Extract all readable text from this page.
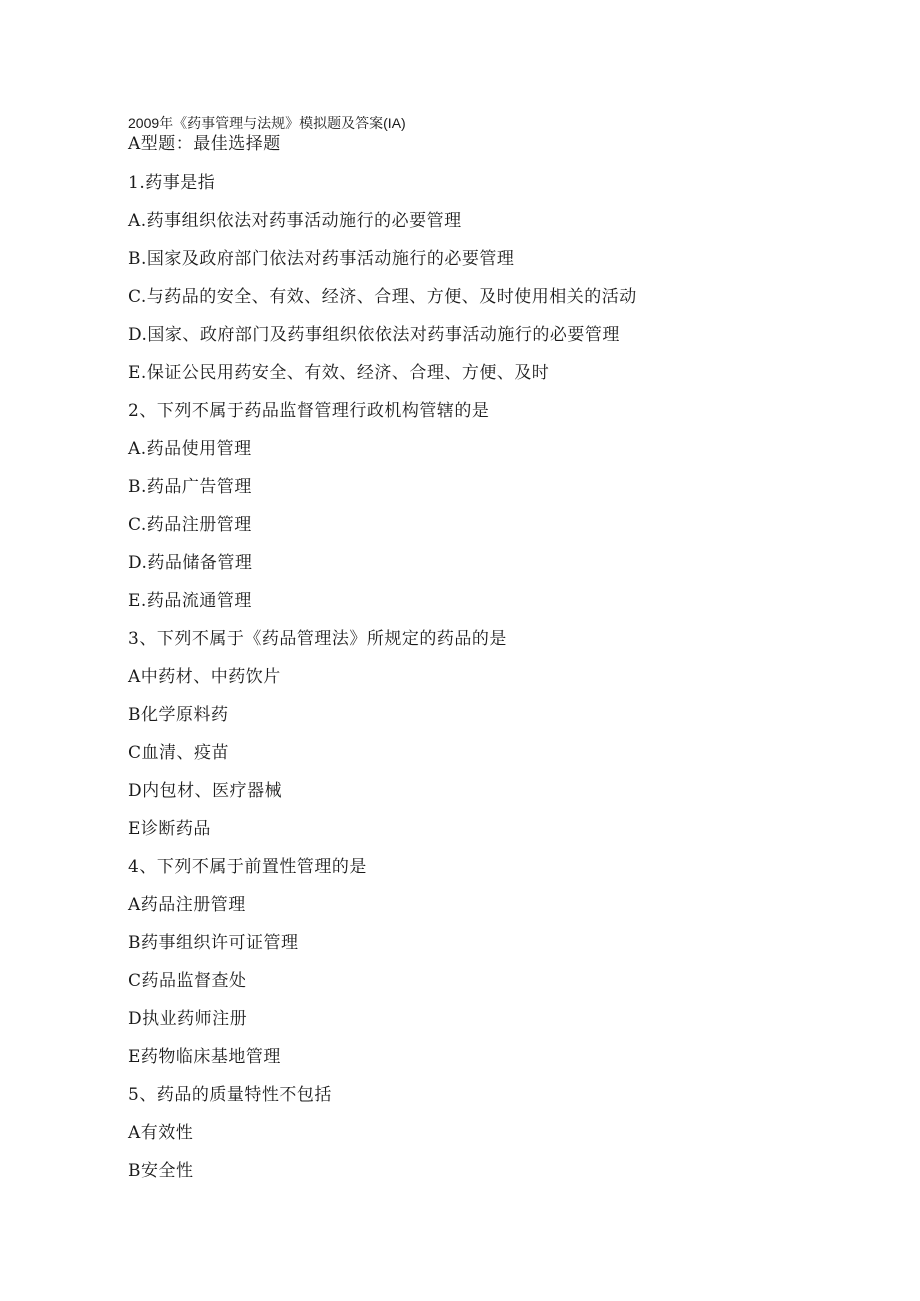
2009年《药事管理与法规》模拟题及答案(IA)
A型题：最佳选择题
1.药事是指
A.药事组织依法对药事活动施行的必要管理
B.国家及政府部门依法对药事活动施行的必要管理
C.与药品的安全、有效、经济、合理、方便、及时使用相关的活动
D.国家、政府部门及药事组织依依法对药事活动施行的必要管理
E.保证公民用药安全、有效、经济、合理、方便、及时
2、下列不属于药品监督管理行政机构管辖的是
A.药品使用管理
B.药品广告管理
C.药品注册管理
D.药品储备管理
E.药品流通管理
3、下列不属于《药品管理法》所规定的药品的是
A中药材、中药饮片
B化学原料药
C血清、疫苗
D内包材、医疗器械
E诊断药品
4、下列不属于前置性管理的是
A药品注册管理
B药事组织许可证管理
C药品监督查处
D执业药师注册
E药物临床基地管理
5、药品的质量特性不包括
A有效性
B安全性
